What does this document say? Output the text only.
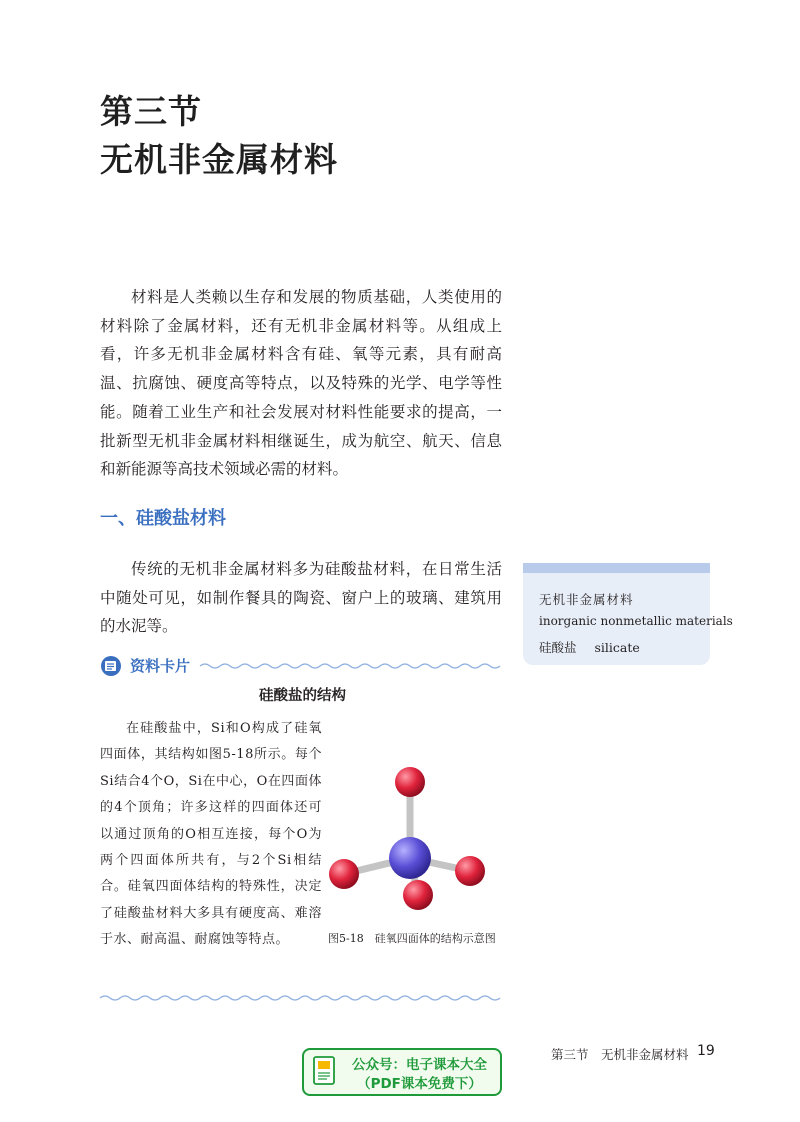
第三节
无机非金属材料

材料是人类赖以生存和发展的物质基础，人类使用的材料除了金属材料，还有无机非金属材料等。从组成上看，许多无机非金属材料含有硅、氧等元素，具有耐高温、抗腐蚀、硬度高等特点，以及特殊的光学、电学等性能。随着工业生产和社会发展对材料性能要求的提高，一批新型无机非金属材料相继诞生，成为航空、航天、信息和新能源等高技术领域必需的材料。

一、硅酸盐材料

传统的无机非金属材料多为硅酸盐材料，在日常生活中随处可见，如制作餐具的陶瓷、窗户上的玻璃、建筑用的水泥等。

无机非金属材料
inorganic nonmetallic materials
硅酸盐 silicate
资料卡片
硅酸盐的结构

在硅酸盐中，Si和O构成了硅氧四面体，其结构如图5-18所示。每个Si结合4个O，Si在中心，O在四面体的4个顶角；许多这样的四面体还可以通过顶角的O相互连接，每个O为两个四面体所共有，与2个Si相结合。硅氧四面体结构的特殊性，决定了硅酸盐材料大多具有硬度高、难溶于水、耐高温、耐腐蚀等特点。	图5-18　硅氧四面体的结构示意图
第三节　无机非金属材料 19
公众号：电子课本大全
（PDF课本免费下）
